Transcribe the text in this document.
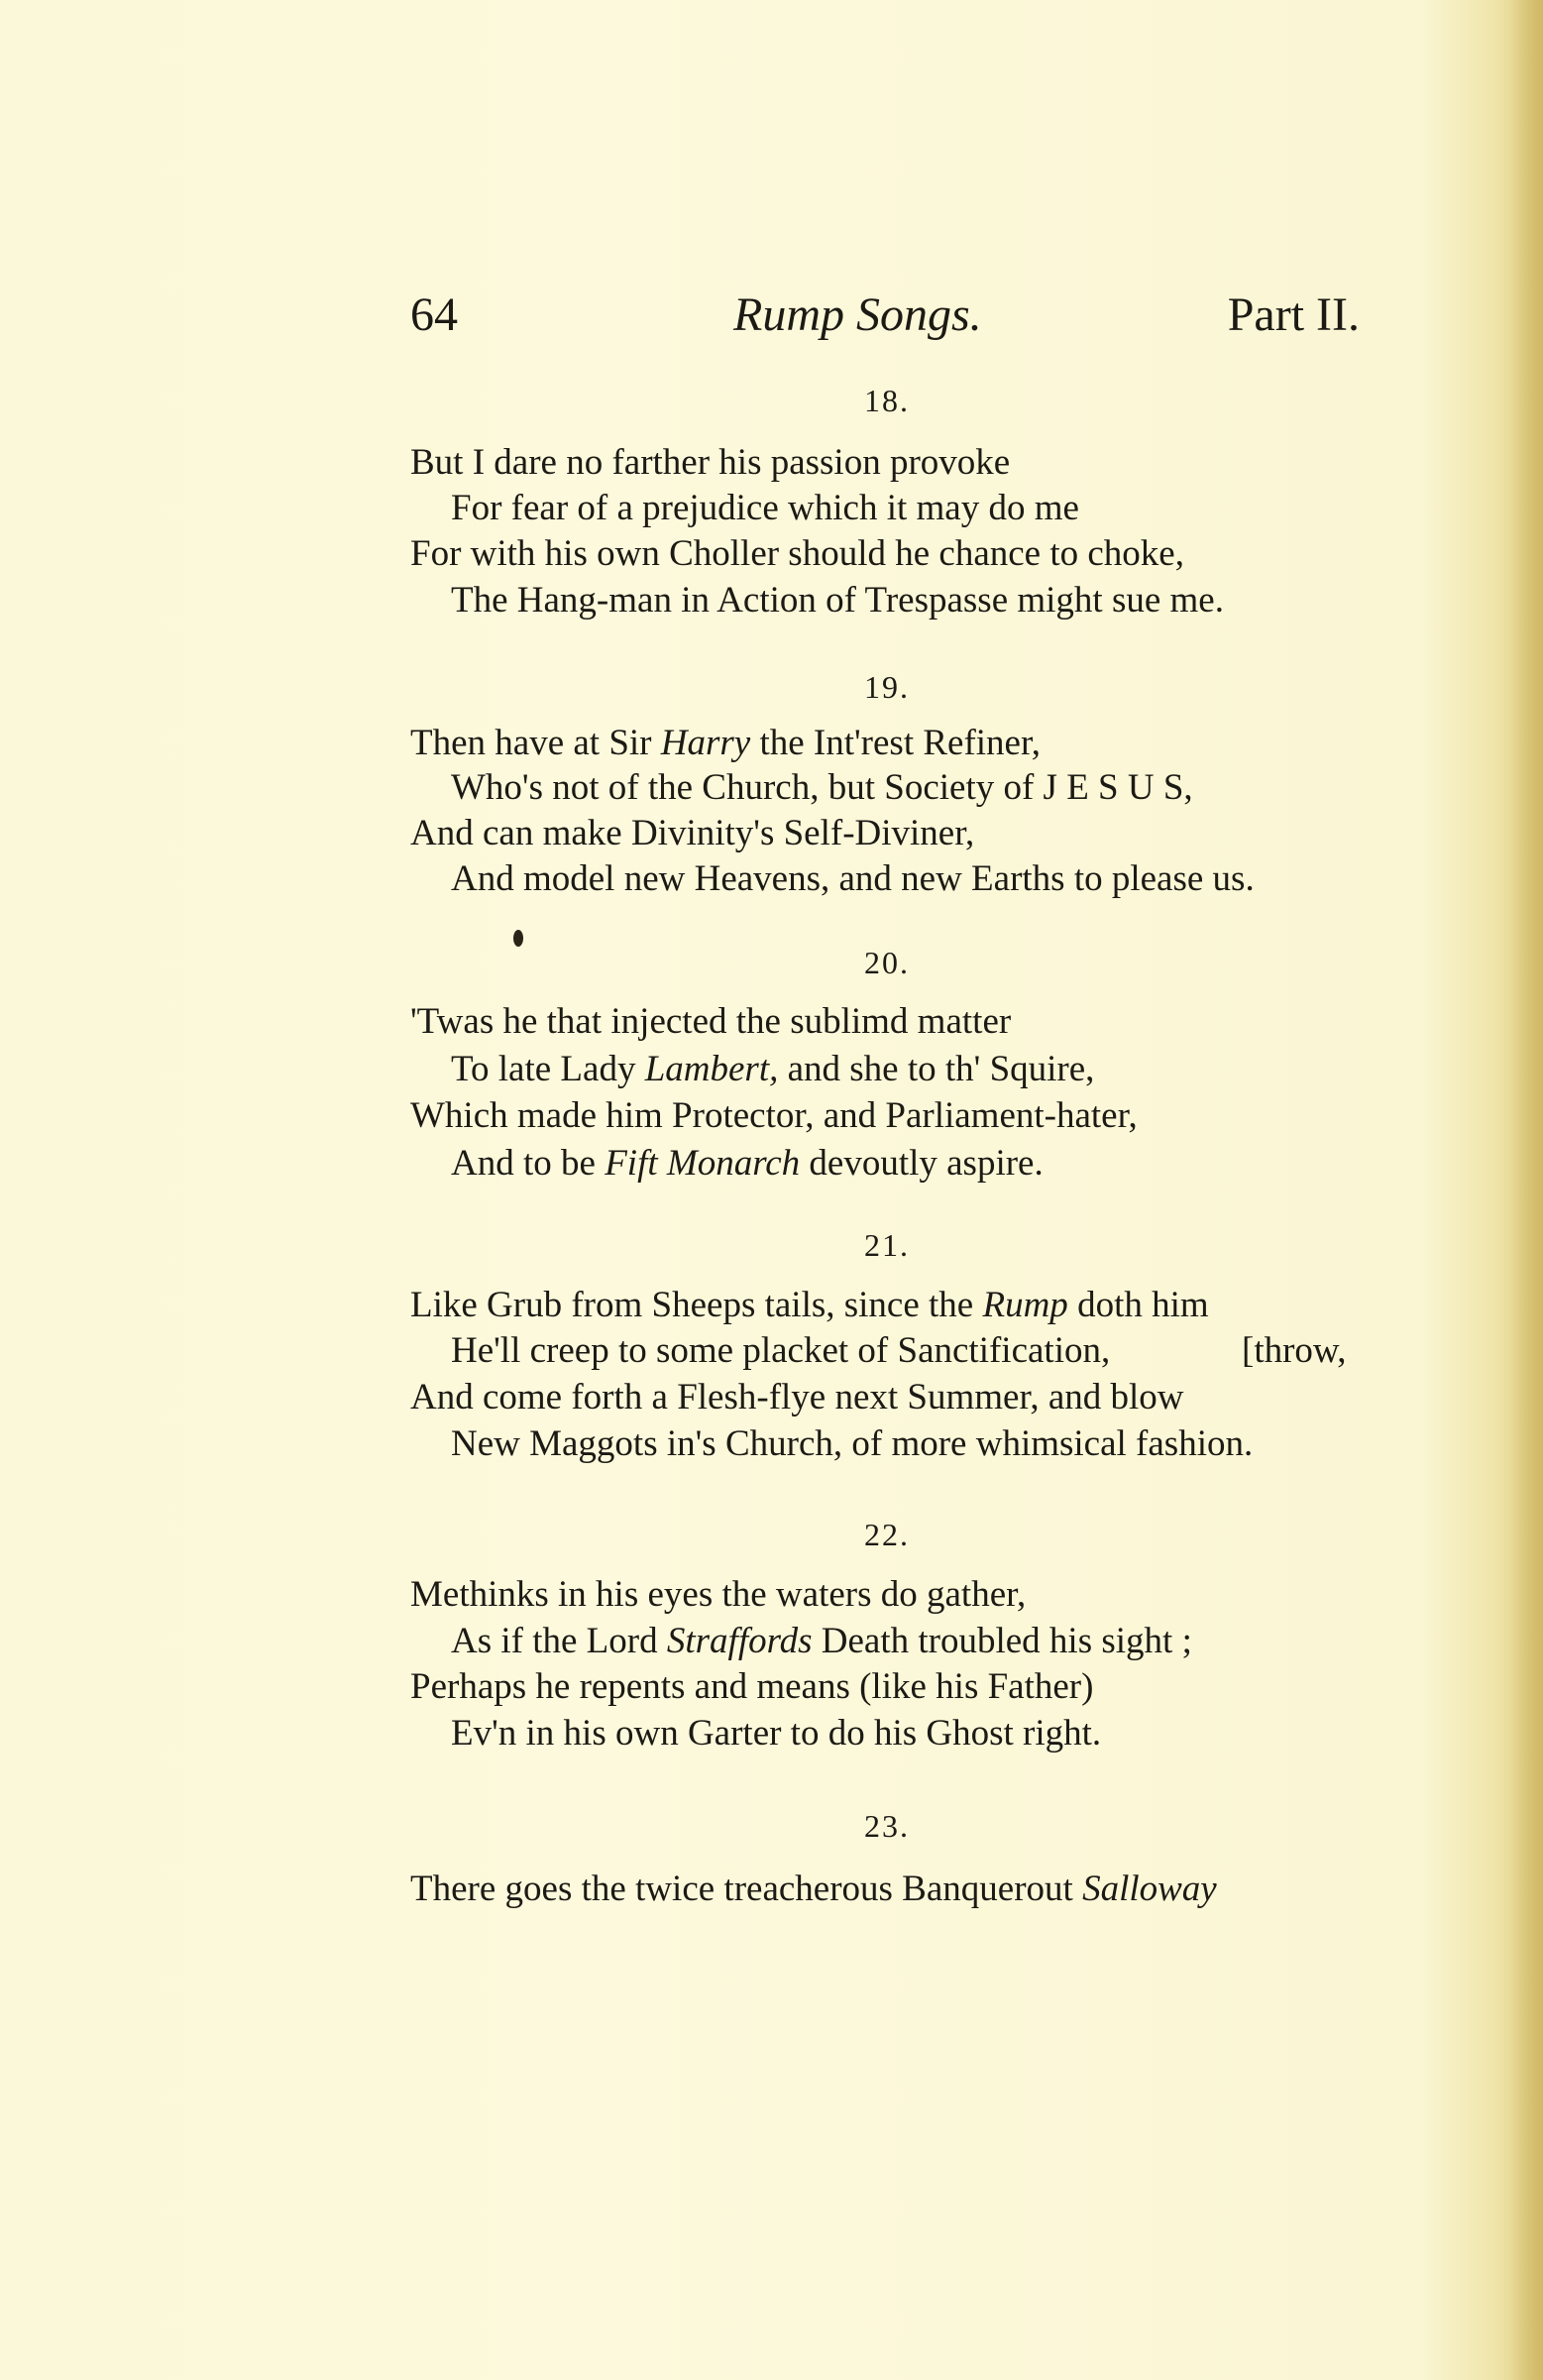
64	Rump Songs.	Part II.
18.
But I dare no farther his passion provoke
For fear of a prejudice which it may do me
For with his own Choller should he chance to choke,
The Hang-man in Action of Trespasse might sue me.
19.
Then have at Sir Harry the Int'rest Refiner,
Who's not of the Church, but Society of J E S U S,
And can make Divinity's Self-Diviner,
And model new Heavens, and new Earths to please us.
20.
'Twas he that injected the sublimd matter
To late Lady Lambert, and she to th' Squire,
Which made him Protector, and Parliament-hater,
And to be Fift Monarch devoutly aspire.
21.
Like Grub from Sheeps tails, since the Rump doth him
He'll creep to some placket of Sanctification,	[throw,
And come forth a Flesh-flye next Summer, and blow
New Maggots in's Church, of more whimsical fashion.
22.
Methinks in his eyes the waters do gather,
As if the Lord Straffords Death troubled his sight ;
Perhaps he repents and means (like his Father)
Ev'n in his own Garter to do his Ghost right.
23.
There goes the twice treacherous Banquerout Salloway
